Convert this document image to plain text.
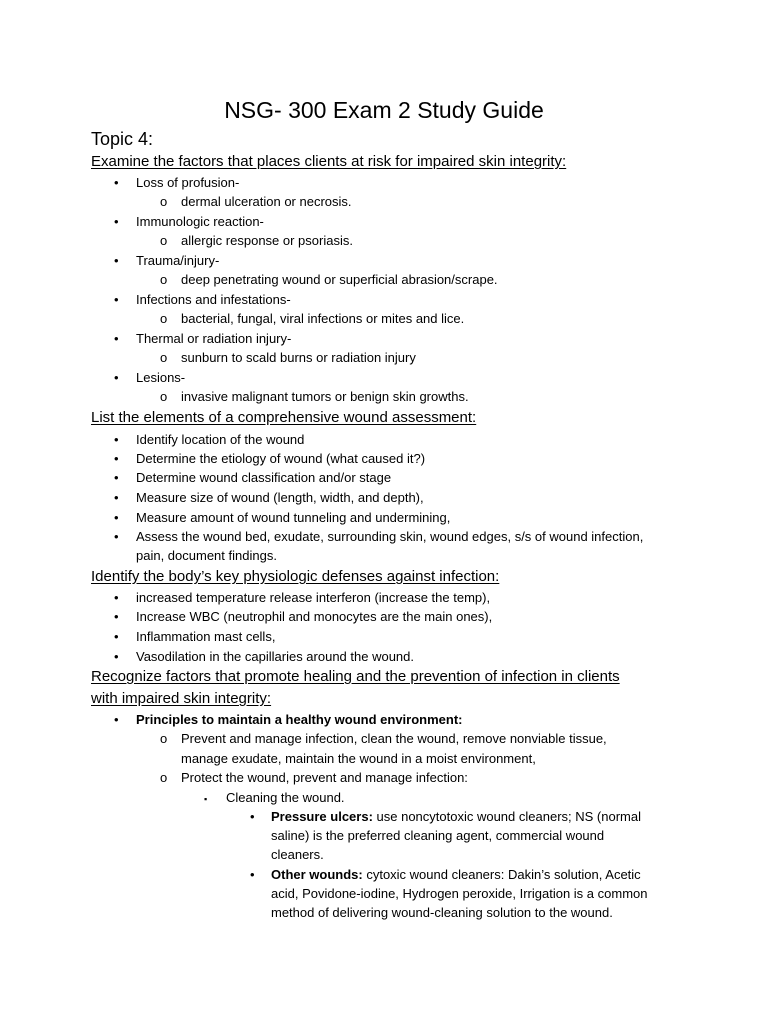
NSG- 300 Exam 2 Study Guide
Topic 4:
Examine the factors that places clients at risk for impaired skin integrity:
• Loss of profusion-
o dermal ulceration or necrosis.
• Immunologic reaction-
o allergic response or psoriasis.
• Trauma/injury-
o deep penetrating wound or superficial abrasion/scrape.
• Infections and infestations-
o bacterial, fungal, viral infections or mites and lice.
• Thermal or radiation injury-
o sunburn to scald burns or radiation injury
• Lesions-
o invasive malignant tumors or benign skin growths.
List the elements of a comprehensive wound assessment:
• Identify location of the wound
• Determine the etiology of wound (what caused it?)
• Determine wound classification and/or stage
• Measure size of wound (length, width, and depth),
• Measure amount of wound tunneling and undermining,
• Assess the wound bed, exudate, surrounding skin, wound edges, s/s of wound infection,
pain, document findings.
Identify the body’s key physiologic defenses against infection:
• increased temperature release interferon (increase the temp),
• Increase WBC (neutrophil and monocytes are the main ones),
• Inflammation mast cells,
• Vasodilation in the capillaries around the wound.
Recognize factors that promote healing and the prevention of infection in clients
with impaired skin integrity:
• Principles to maintain a healthy wound environment:
o Prevent and manage infection, clean the wound, remove nonviable tissue,
manage exudate, maintain the wound in a moist environment,
o Protect the wound, prevent and manage infection:
▪ Cleaning the wound.
• Pressure ulcers: use noncytotoxic wound cleaners; NS (normal
saline) is the preferred cleaning agent, commercial wound
cleaners.
• Other wounds: cytoxic wound cleaners: Dakin’s solution, Acetic
acid, Povidone-iodine, Hydrogen peroxide, Irrigation is a common
method of delivering wound-cleaning solution to the wound.
